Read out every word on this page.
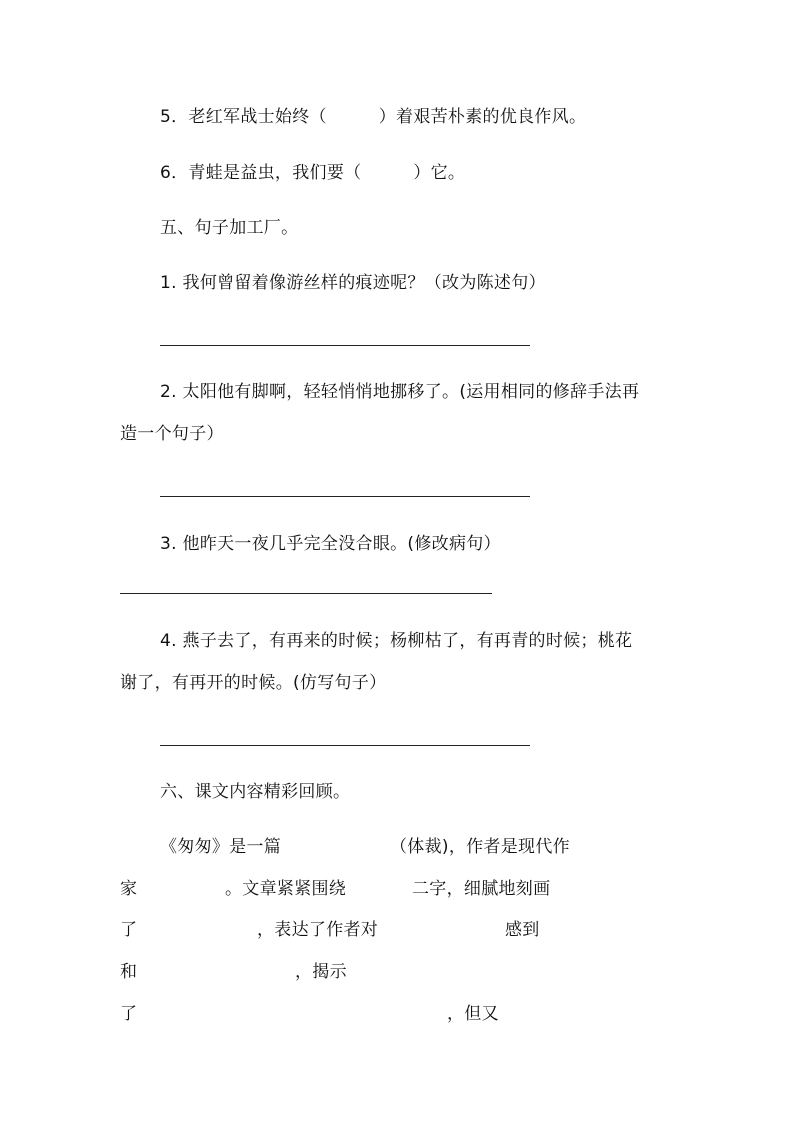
5．老红军战士始终（　　　）着艰苦朴素的优良作风。
6．青蛙是益虫，我们要（　　　）它。
五、句子加工厂。
1. 我何曾留着像游丝样的痕迹呢？（改为陈述句）
2. 太阳他有脚啊，轻轻悄悄地挪移了。(运用相同的修辞手法再
造一个句子）
3. 他昨天一夜几乎完全没合眼。(修改病句）
4. 燕子去了，有再来的时候；杨柳枯了，有再青的时候；桃花
谢了，有再开的时候。(仿写句子）
六、课文内容精彩回顾。
《匆匆》是一篇	（体裁)，作者是现代作
家	。文章紧紧围绕	二字，细腻地刻画
了	，表达了作者对	感到
和	，揭示
了	，但又
